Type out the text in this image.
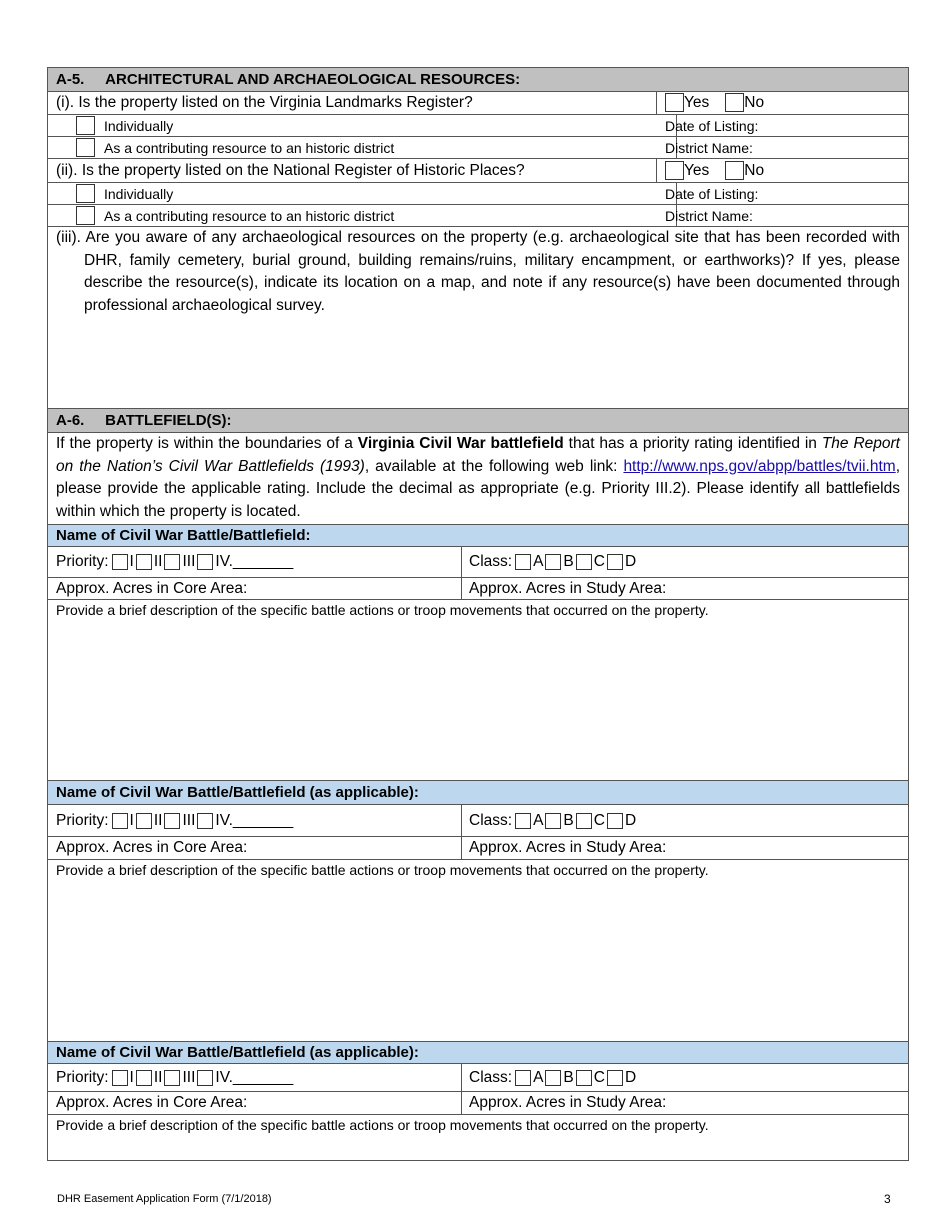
A-5.     ARCHITECTURAL AND ARCHAEOLOGICAL RESOURCES:
(i). Is the property listed on the Virginia Landmarks Register?	Yes No
Individually	Date of Listing:
As a contributing resource to an historic district	District Name:
(ii). Is the property listed on the National Register of Historic Places?	Yes No
Individually	Date of Listing:
As a contributing resource to an historic district	District Name:
(iii). Are you aware of any archaeological resources on the property (e.g. archaeological site that has been recorded with DHR, family cemetery, burial ground, building remains/ruins, military encampment, or earthworks)? If yes, please describe the resource(s), indicate its location on a map, and note if any resource(s) have been documented through professional archaeological survey.
A-6.     BATTLEFIELD(S):
If the property is within the boundaries of a Virginia Civil War battlefield that has a priority rating identified in The Report on the Nation’s Civil War Battlefields (1993), available at the following web link: http://www.nps.gov/abpp/battles/tvii.htm, please provide the applicable rating. Include the decimal as appropriate (e.g. Priority III.2). Please identify all battlefields within which the property is located.
Name of Civil War Battle/Battlefield:
Priority: I II III IV._______	Class: A B C D
Approx. Acres in Core Area:	Approx. Acres in Study Area:
Provide a brief description of the specific battle actions or troop movements that occurred on the property.
Name of Civil War Battle/Battlefield (as applicable):
Priority: I II III IV._______	Class: A B C D
Approx. Acres in Core Area:	Approx. Acres in Study Area:
Provide a brief description of the specific battle actions or troop movements that occurred on the property.
Name of Civil War Battle/Battlefield (as applicable):
Priority: I II III IV._______	Class: A B C D
Approx. Acres in Core Area:	Approx. Acres in Study Area:
Provide a brief description of the specific battle actions or troop movements that occurred on the property.
DHR Easement Application Form (7/1/2018)	3
